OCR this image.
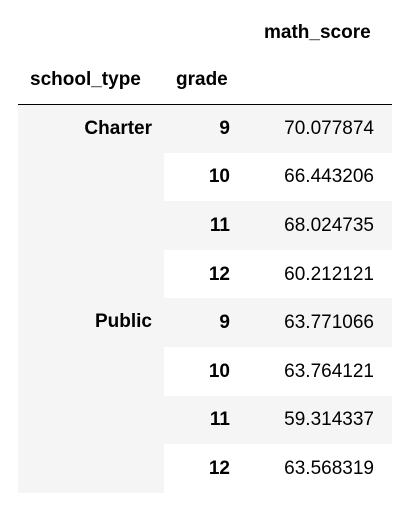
		math_score
school_type	grade	
Charter	9	70.077874
	10	66.443206
	11	68.024735
	12	60.212121
Public	9	63.771066
	10	63.764121
	11	59.314337
	12	63.568319
